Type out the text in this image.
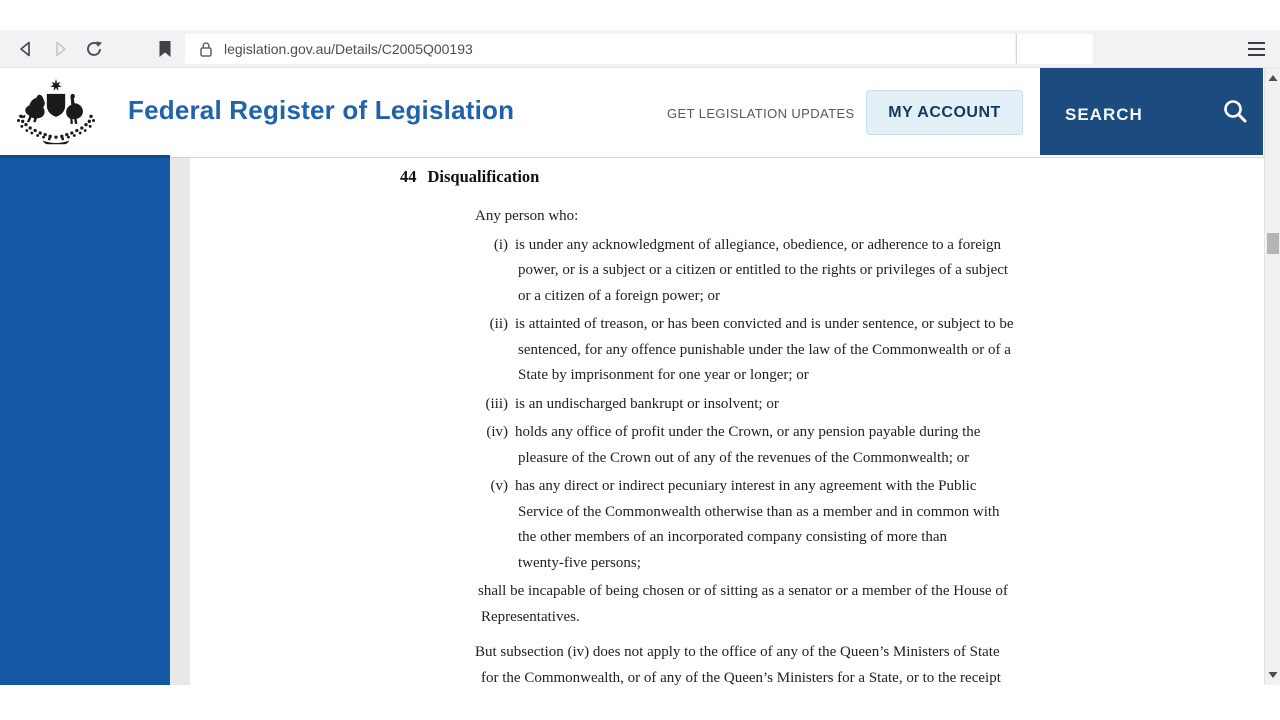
legislation.gov.au/Details/C2005Q00193
Federal Register of Legislation	GET LEGISLATION UPDATES	MY ACCOUNT	SEARCH
44 Disqualification
Any person who:
(i) is under any acknowledgment of allegiance, obedience, or adherence to a foreign
power, or is a subject or a citizen or entitled to the rights or privileges of a subject
or a citizen of a foreign power; or
(ii) is attainted of treason, or has been convicted and is under sentence, or subject to be
sentenced, for any offence punishable under the law of the Commonwealth or of a
State by imprisonment for one year or longer; or
(iii) is an undischarged bankrupt or insolvent; or
(iv) holds any office of profit under the Crown, or any pension payable during the
pleasure of the Crown out of any of the revenues of the Commonwealth; or
(v) has any direct or indirect pecuniary interest in any agreement with the Public
Service of the Commonwealth otherwise than as a member and in common with
the other members of an incorporated company consisting of more than
twenty-five persons;
shall be incapable of being chosen or of sitting as a senator or a member of the House of
Representatives.
But subsection (iv) does not apply to the office of any of the Queen’s Ministers of State
for the Commonwealth, or of any of the Queen’s Ministers for a State, or to the receipt
